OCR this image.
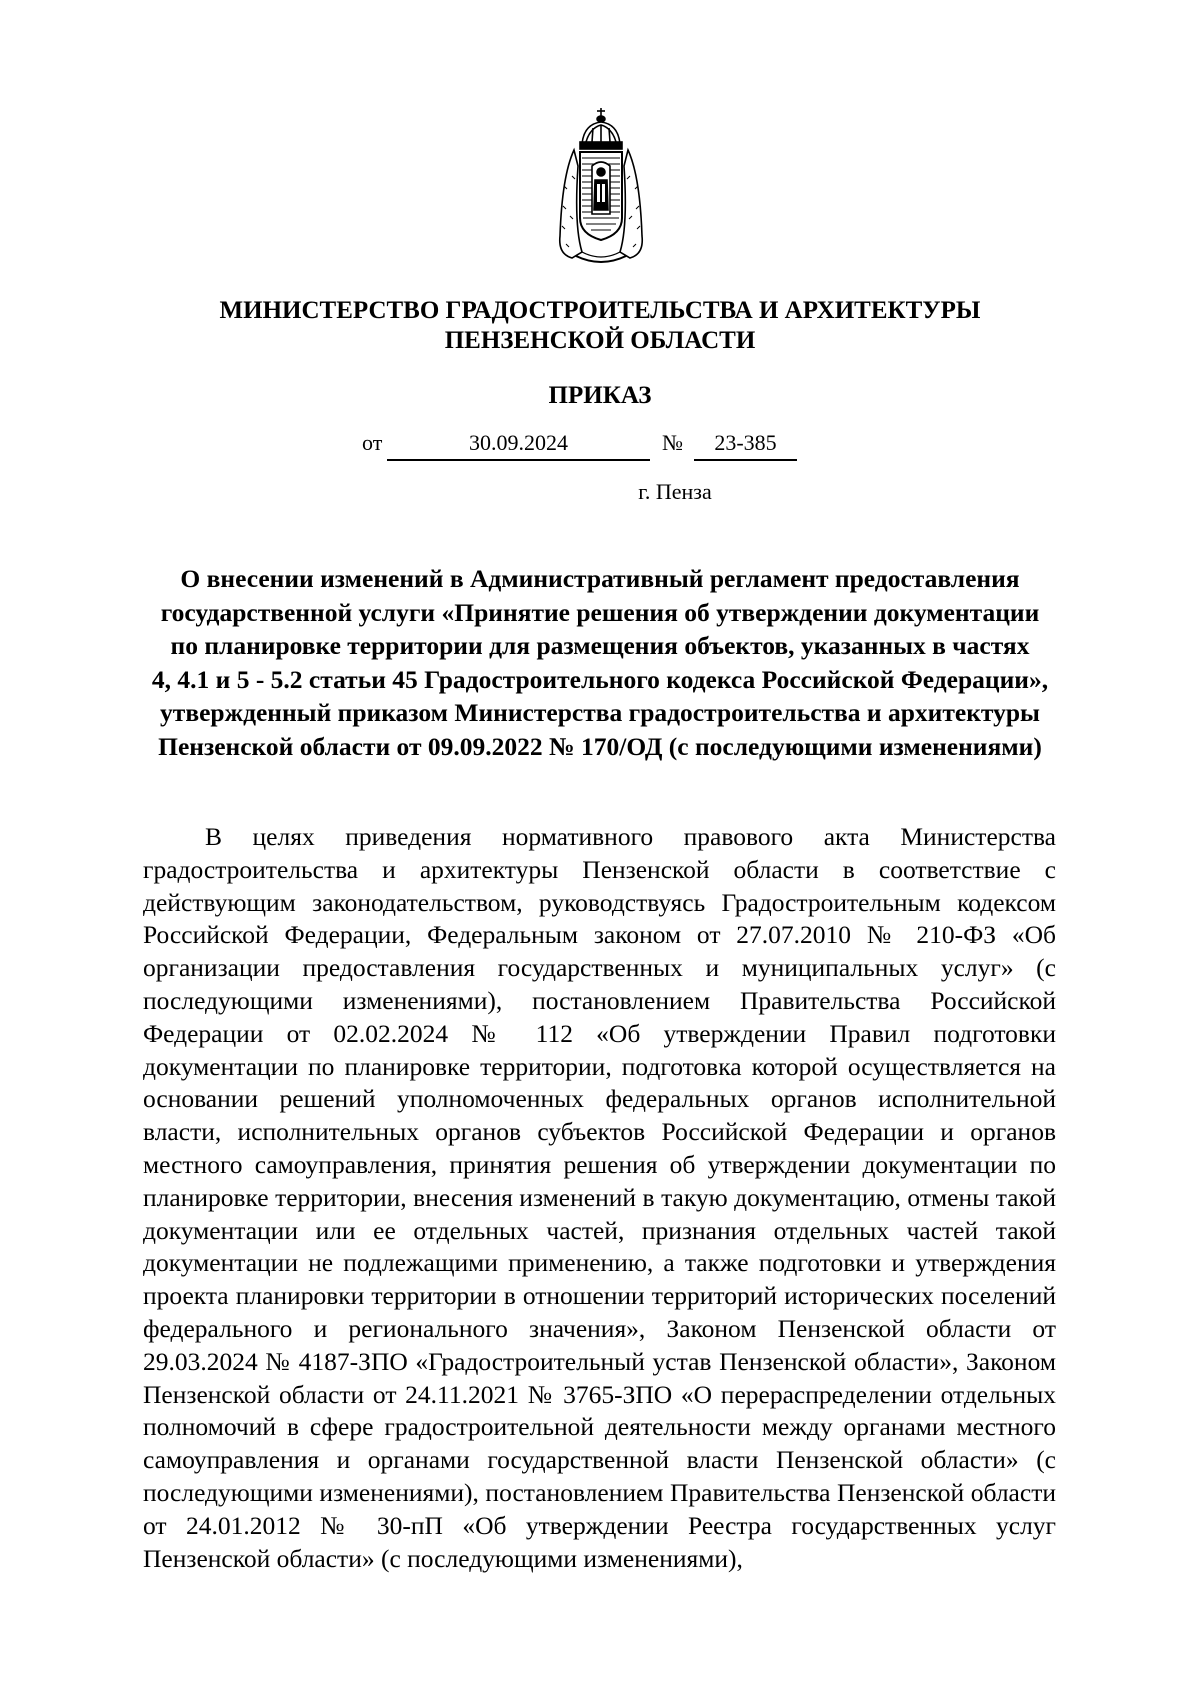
МИНИСТЕРСТВО ГРАДОСТРОИТЕЛЬСТВА И АРХИТЕКТУРЫ
ПЕНЗЕНСКОЙ ОБЛАСТИ
ПРИКАЗ
от	30.09.2024	№	23-385
г. Пенза
О внесении изменений в Административный регламент предоставления
государственной услуги «Принятие решения об утверждении документации
по планировке территории для размещения объектов, указанных в частях
4, 4.1 и 5 - 5.2 статьи 45 Градостроительного кодекса Российской Федерации»,
утвержденный приказом Министерства градостроительства и архитектуры
Пензенской области от 09.09.2022 № 170/ОД (с последующими изменениями)

В целях приведения нормативного правового акта Министерства градостроительства и архитектуры Пензенской области в соответствие с действующим законодательством, руководствуясь Градостроительным кодексом Российской Федерации, Федеральным законом от 27.07.2010 № 210-ФЗ «Об организации предоставления государственных и муниципальных услуг» (с последующими изменениями), постановлением Правительства Российской Федерации от 02.02.2024 № 112 «Об утверждении Правил подготовки документации по планировке территории, подготовка которой осуществляется на основании решений уполномоченных федеральных органов исполнительной власти, исполнительных органов субъектов Российской Федерации и органов местного самоуправления, принятия решения об утверждении документации по планировке территории, внесения изменений в такую документацию, отмены такой документации или ее отдельных частей, признания отдельных частей такой документации не подлежащими применению, а также подготовки и утверждения проекта планировки территории в отношении территорий исторических поселений федерального и регионального значения», Законом Пензенской области от 29.03.2024 № 4187-ЗПО «Градостроительный устав Пензенской области», Законом Пензенской области от 24.11.2021 № 3765-ЗПО «О перераспределении отдельных полномочий в сфере градостроительной деятельности между органами местного самоуправления и органами государственной власти Пензенской области» (с последующими изменениями), постановлением Правительства Пензенской области от 24.01.2012 № 30-пП «Об утверждении Реестра государственных услуг Пензенской области» (с последующими изменениями),
